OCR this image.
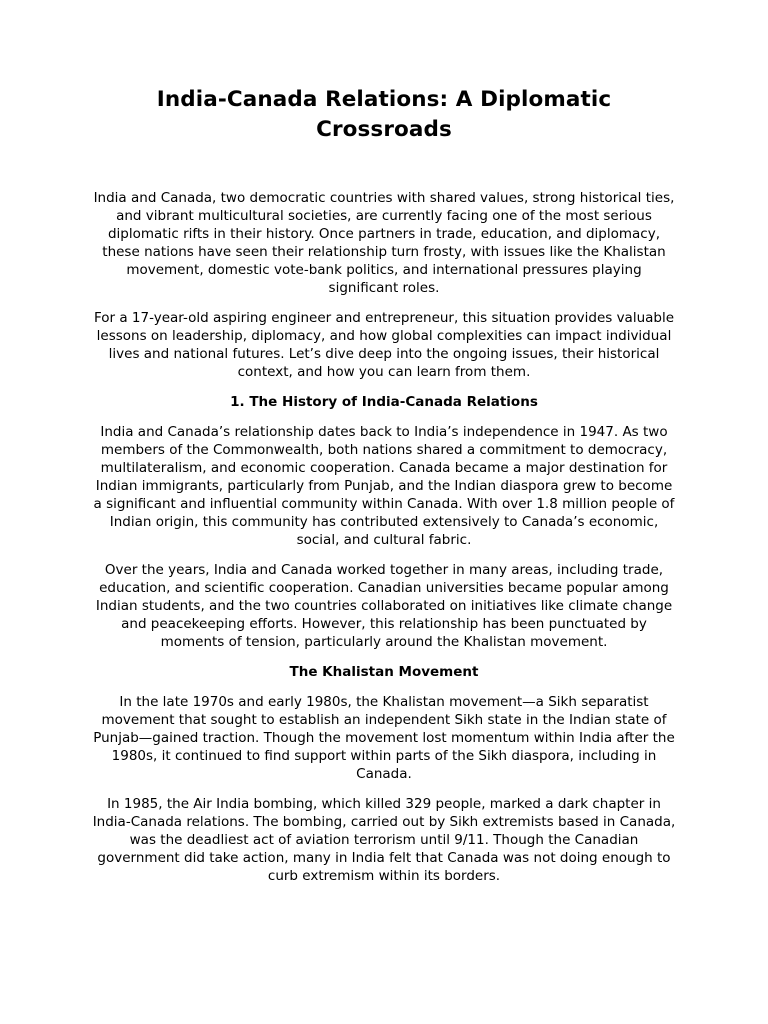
India-Canada Relations: A Diplomatic Crossroads

India and Canada, two democratic countries with shared values, strong historical ties, and vibrant multicultural societies, are currently facing one of the most serious diplomatic rifts in their history. Once partners in trade, education, and diplomacy, these nations have seen their relationship turn frosty, with issues like the Khalistan movement, domestic vote-bank politics, and international pressures playing significant roles.

For a 17-year-old aspiring engineer and entrepreneur, this situation provides valuable lessons on leadership, diplomacy, and how global complexities can impact individual lives and national futures. Let’s dive deep into the ongoing issues, their historical context, and how you can learn from them.

1. The History of India-Canada Relations

India and Canada’s relationship dates back to India’s independence in 1947. As two members of the Commonwealth, both nations shared a commitment to democracy, multilateralism, and economic cooperation. Canada became a major destination for Indian immigrants, particularly from Punjab, and the Indian diaspora grew to become a significant and influential community within Canada. With over 1.8 million people of Indian origin, this community has contributed extensively to Canada’s economic, social, and cultural fabric.

Over the years, India and Canada worked together in many areas, including trade, education, and scientific cooperation. Canadian universities became popular among Indian students, and the two countries collaborated on initiatives like climate change and peacekeeping efforts. However, this relationship has been punctuated by moments of tension, particularly around the Khalistan movement.

The Khalistan Movement

In the late 1970s and early 1980s, the Khalistan movement—a Sikh separatist movement that sought to establish an independent Sikh state in the Indian state of Punjab—gained traction. Though the movement lost momentum within India after the 1980s, it continued to find support within parts of the Sikh diaspora, including in Canada.

In 1985, the Air India bombing, which killed 329 people, marked a dark chapter in India-Canada relations. The bombing, carried out by Sikh extremists based in Canada, was the deadliest act of aviation terrorism until 9/11. Though the Canadian government did take action, many in India felt that Canada was not doing enough to curb extremism within its borders.
